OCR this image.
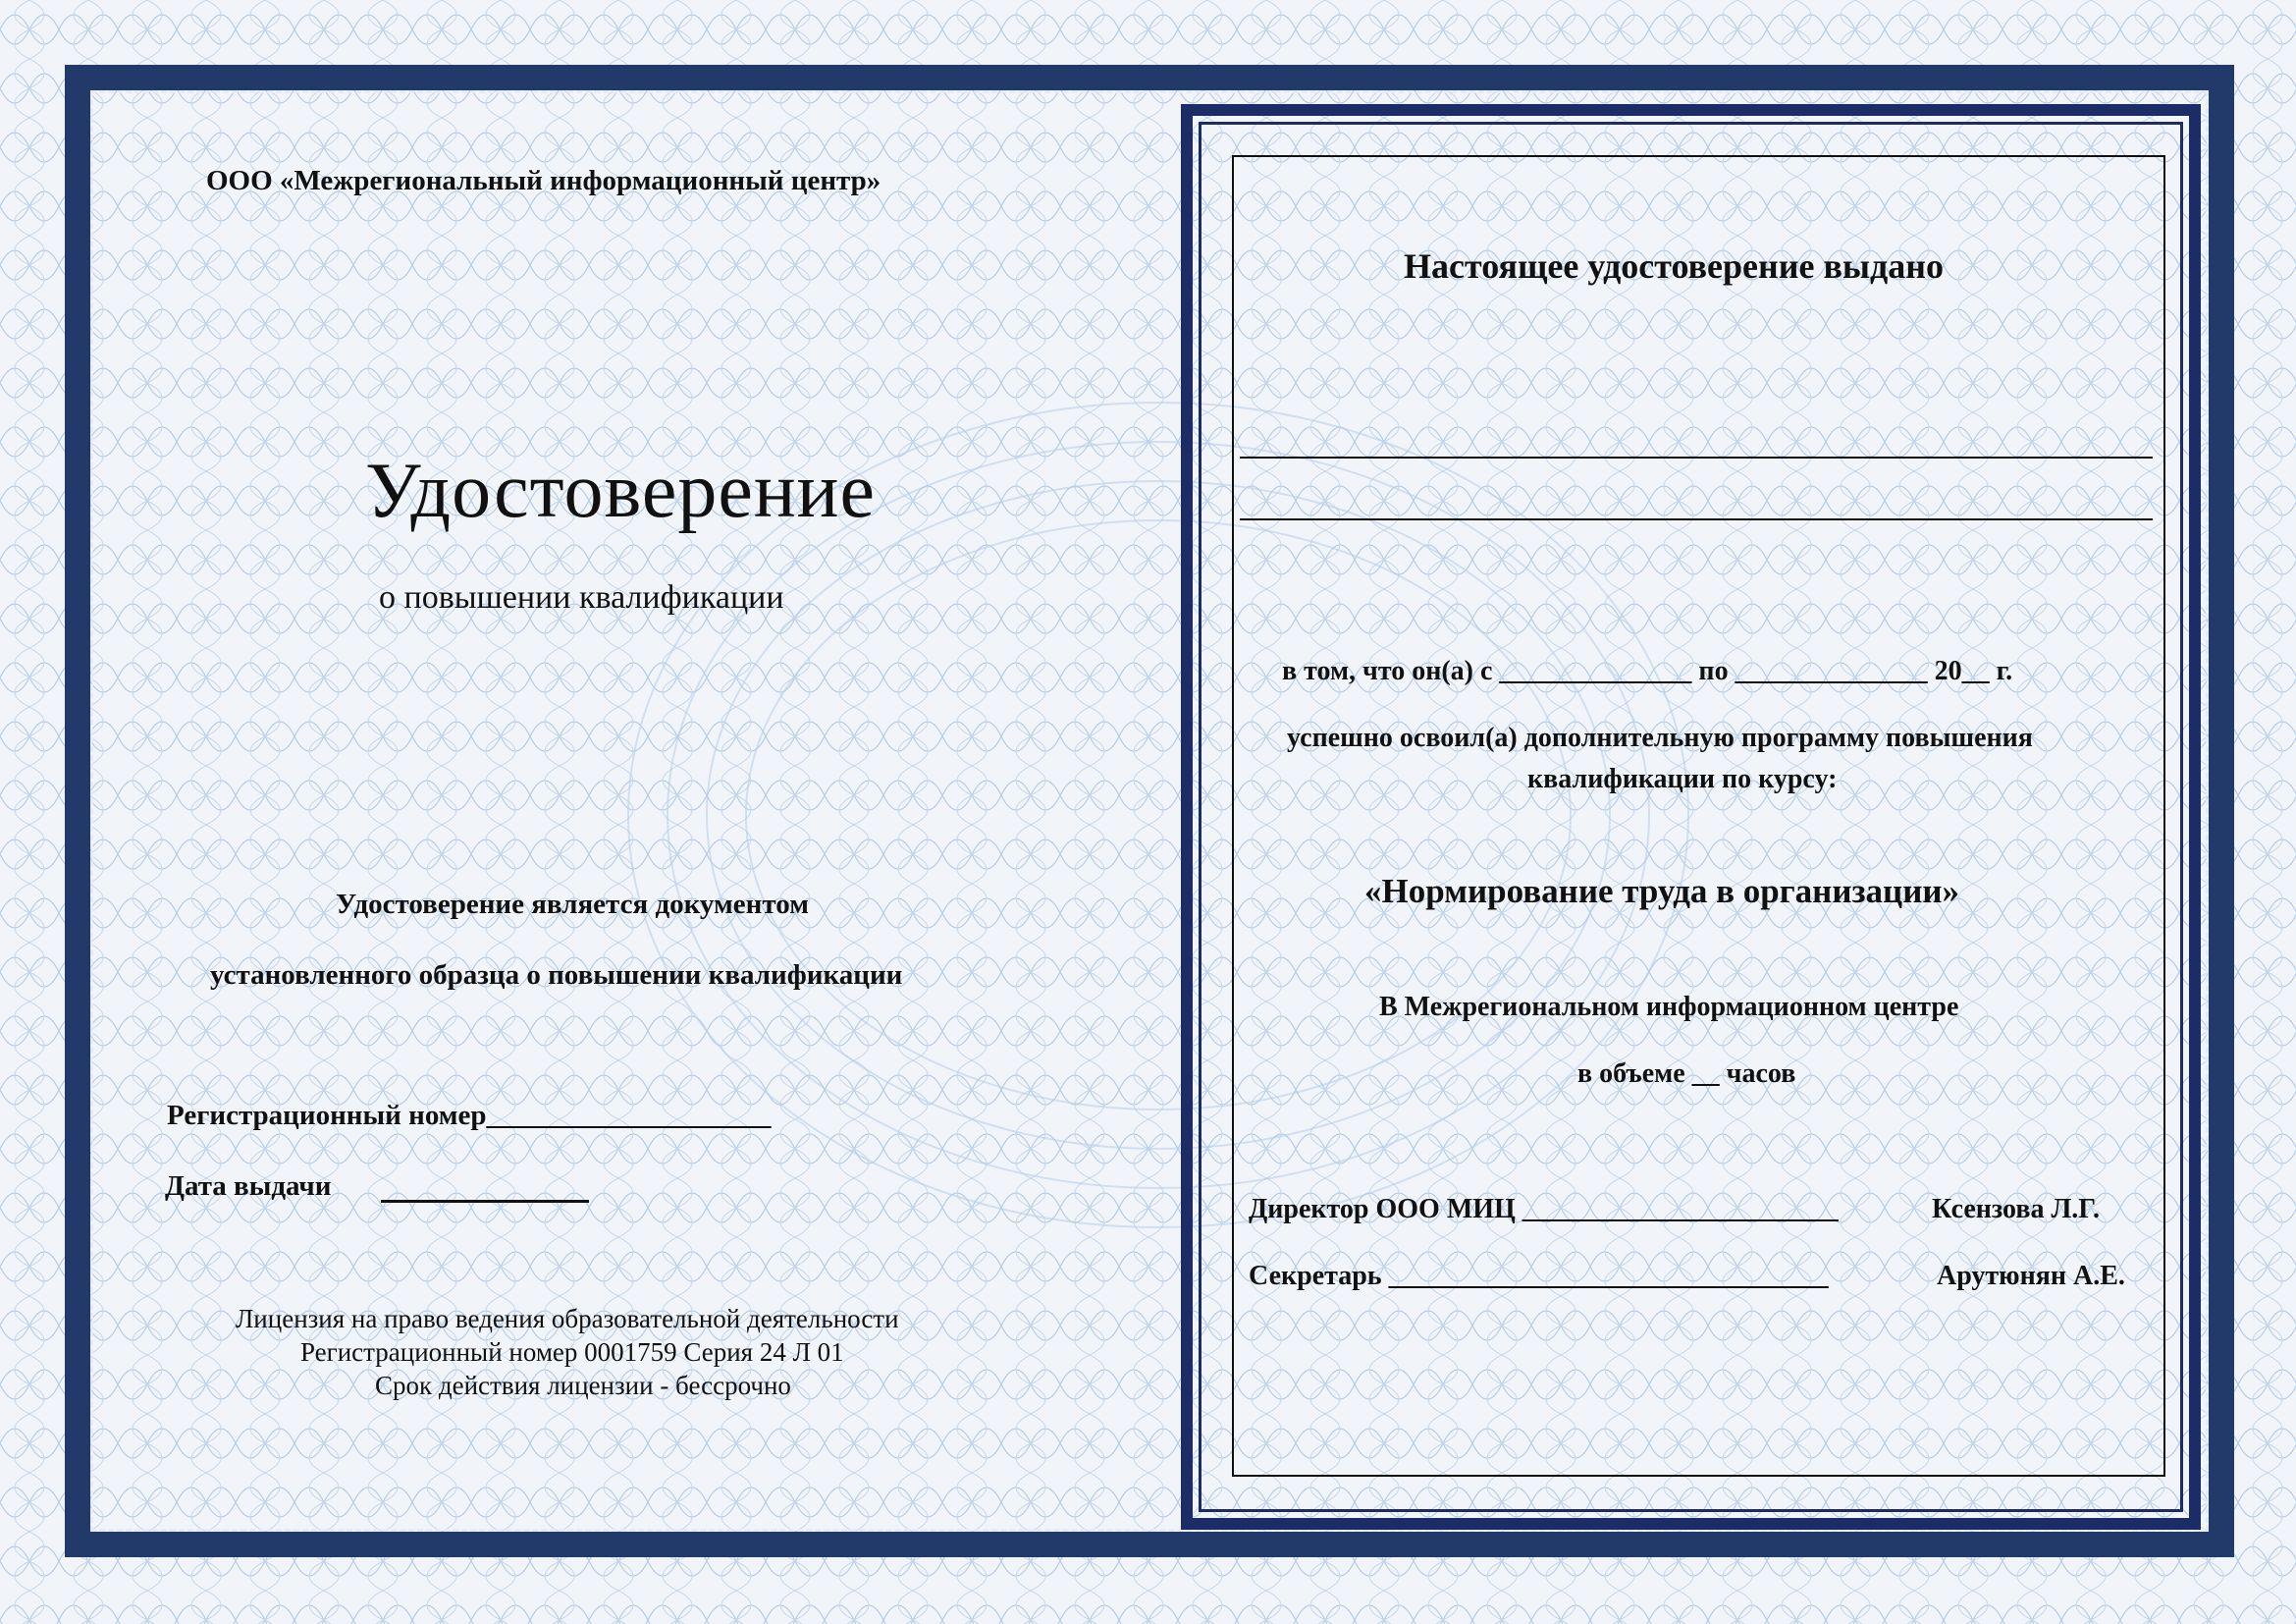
ООО «Межрегиональный информационный центр»
Удостоверение
о повышении квалификации
Удостоверение является документом
установленного образца о повышении квалификации
Регистрационный номер____________________
Дата выдачи
Лицензия на право ведения образовательной деятельности
Регистрационный номер 0001759 Серия 24 Л 01
Срок действия лицензии - бессрочно
Настоящее удостоверение выдано
в том, что он(а) с ______________ по ______________ 20__ г.
успешно освоил(а) дополнительную программу повышения
квалификации по курсу:
«Нормирование труда в организации»
В Межрегиональном информационном центре
в объеме __ часов
Директор ООО МИЦ _______________________	Ксензова Л.Г.
Секретарь ________________________________	Арутюнян А.Е.
